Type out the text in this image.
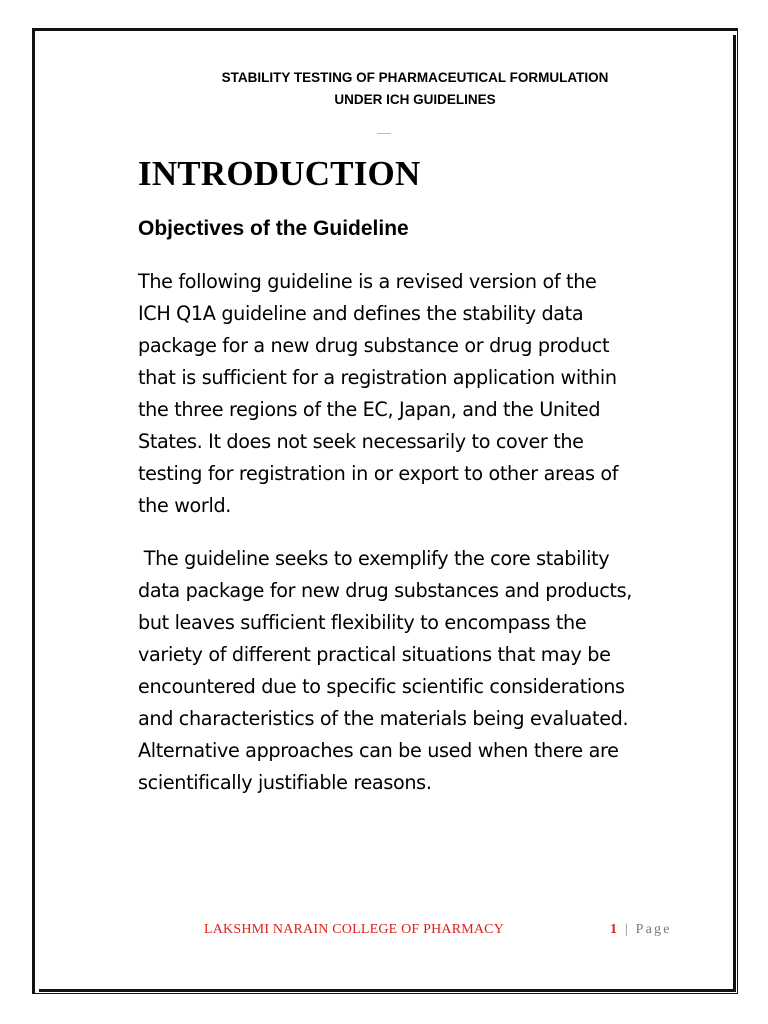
STABILITY TESTING OF PHARMACEUTICAL FORMULATION
UNDER ICH GUIDELINES
INTRODUCTION
Objectives of the Guideline
The following guideline is a revised version of the
ICH Q1A guideline and defines the stability data
package for a new drug substance or drug product
that is sufficient for a registration application within
the three regions of the EC, Japan, and the United
States. It does not seek necessarily to cover the
testing for registration in or export to other areas of
the world.
The guideline seeks to exemplify the core stability
data package for new drug substances and products,
but leaves sufficient flexibility to encompass the
variety of different practical situations that may be
encountered due to specific scientific considerations
and characteristics of the materials being evaluated.
Alternative approaches can be used when there are
scientifically justifiable reasons.
LAKSHMI NARAIN COLLEGE OF PHARMACY	1 | Page
